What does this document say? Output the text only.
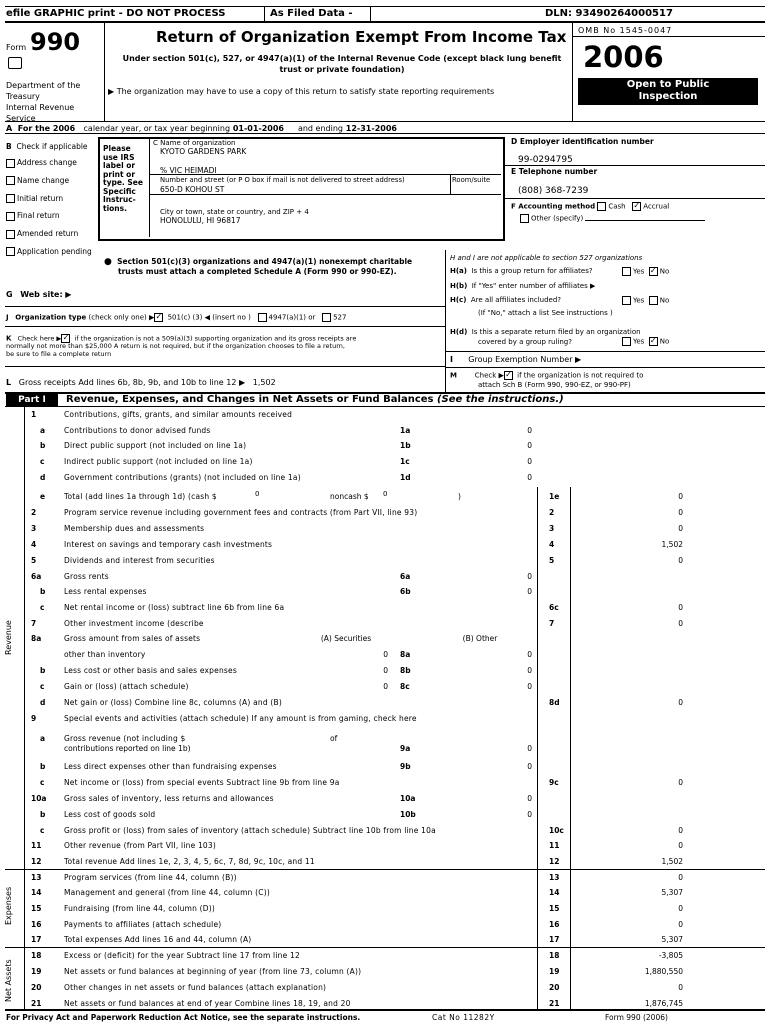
efile GRAPHIC print - DO NOT PROCESS	As Filed Data -	DLN: 93490264000517
Form 990
Department of the
Treasury
Internal Revenue
Service
Return of Organization Exempt From Income Tax
Under section 501(c), 527, or 4947(a)(1) of the Internal Revenue Code (except black lung benefit trust or private foundation)
▶ The organization may have to use a copy of this return to satisfy state reporting requirements
OMB No 1545-0047
2006
Open to Public
Inspection
A For the 2006 calendar year, or tax year beginning 01-01-2006 and ending 12-31-2006
B Check if applicable
Address change
Name change
Initial return
Final return
Amended return
Application pending
Please
use IRS
label or
print or
type. See
Specific
Instruc-
tions.
C Name of organization
KYOTO GARDENS PARK
% VIC HEIMADI
Number and street (or P O box if mail is not delivered to street address)	Room/suite
650-D KOHOU ST
City or town, state or country, and ZIP + 4
HONOLULU, HI 96817
D Employer identification number
99-0294795
E Telephone number
(808) 368-7239
F Accounting method Cash ✓ Accrual
Other (specify)
● Section 501(c)(3) organizations and 4947(a)(1) nonexempt charitable
trusts must attach a completed Schedule A (Form 990 or 990-EZ).
H and I are not applicable to section 527 organizations
H(a) Is this a group return for affiliates?	Yes ✓ No
H(b) If "Yes" enter number of affiliates ▶
H(c) Are all affiliates included?	Yes No
(If "No," attach a list See instructions )
H(d) Is this a separate return filed by an organization
covered by a group ruling?	Yes ✓ No
I Group Exemption Number ▶
M	Check ▶✓ if the organization is not required to
attach Sch B (Form 990, 990-EZ, or 990-PF)
G Web site: ▶
J Organization type (check only one) ▶✓ 501(c) (3) ◀ (insert no )	4947(a)(1) or	527
K Check here ▶✓ if the organization is not a 509(a)(3) supporting organization and its gross receipts are
normally not more than $25,000 A return is not required, but if the organization chooses to file a return,
be sure to file a complete return
L Gross receipts Add lines 6b, 8b, 9b, and 10b to line 12 ▶   1,502
Part I	Revenue, Expenses, and Changes in Net Assets or Fund Balances (See the instructions.)
Revenue
Expenses
Net Assets
1	Contributions, gifts, grants, and similar amounts received
a	Contributions to donor advised funds	1a	0
b Direct public support (not included on line 1a)	1b	0
c	Indirect public support (not included on line 1a)	1c	0
d Government contributions (grants) (not included on line 1a)	1d	0
e	Total (add lines 1a through 1d) (cash $	0	noncash $ 0	)	1e	0
2	Program service revenue including government fees and contracts (from Part VII, line 93)	2	0
3	Membership dues and assessments	3	0
4	Interest on savings and temporary cash investments	4	1,502
5	Dividends and interest from securities	5	0
6a	Gross rents	6a	0
b Less rental expenses	6b	0
c	Net rental income or (loss) subtract line 6b from line 6a	6c	0
7	Other investment income (describe	7	0
8a	Gross amount from sales of assets	(A) Securities	(B) Other
other than inventory	0 8a	0
b Less cost or other basis and sales expenses	0 8b	0
c	Gain or (loss) (attach schedule)	0 8c	0
d Net gain or (loss) Combine line 8c, columns (A) and (B)	8d	0
9	Special events and activities (attach schedule) If any amount is from gaming, check here
a	Gross revenue (not including $	of
contributions reported on line 1b)	9a	0
b Less direct expenses other than fundraising expenses	9b	0
c	Net income or (loss) from special events Subtract line 9b from line 9a	9c	0
10a Gross sales of inventory, less returns and allowances	10a	0
b Less cost of goods sold	10b	0
c	Gross profit or (loss) from sales of inventory (attach schedule) Subtract line 10b from line 10a	10c	0
11	Other revenue (from Part VII, line 103)	11	0
12	Total revenue Add lines 1e, 2, 3, 4, 5, 6c, 7, 8d, 9c, 10c, and 11	12	1,502
13	Program services (from line 44, column (B))	13	0
14	Management and general (from line 44, column (C))	14	5,307
15	Fundraising (from line 44, column (D))	15	0
16	Payments to affiliates (attach schedule)	16	0
17	Total expenses Add lines 16 and 44, column (A)	17	5,307
18	Excess or (deficit) for the year Subtract line 17 from line 12	18	-3,805
19	Net assets or fund balances at beginning of year (from line 73, column (A))	19	1,880,550
20	Other changes in net assets or fund balances (attach explanation)	20	0
21	Net assets or fund balances at end of year Combine lines 18, 19, and 20	21	1,876,745
For Privacy Act and Paperwork Reduction Act Notice, see the separate instructions.	Cat No 11282Y	Form 990 (2006)
